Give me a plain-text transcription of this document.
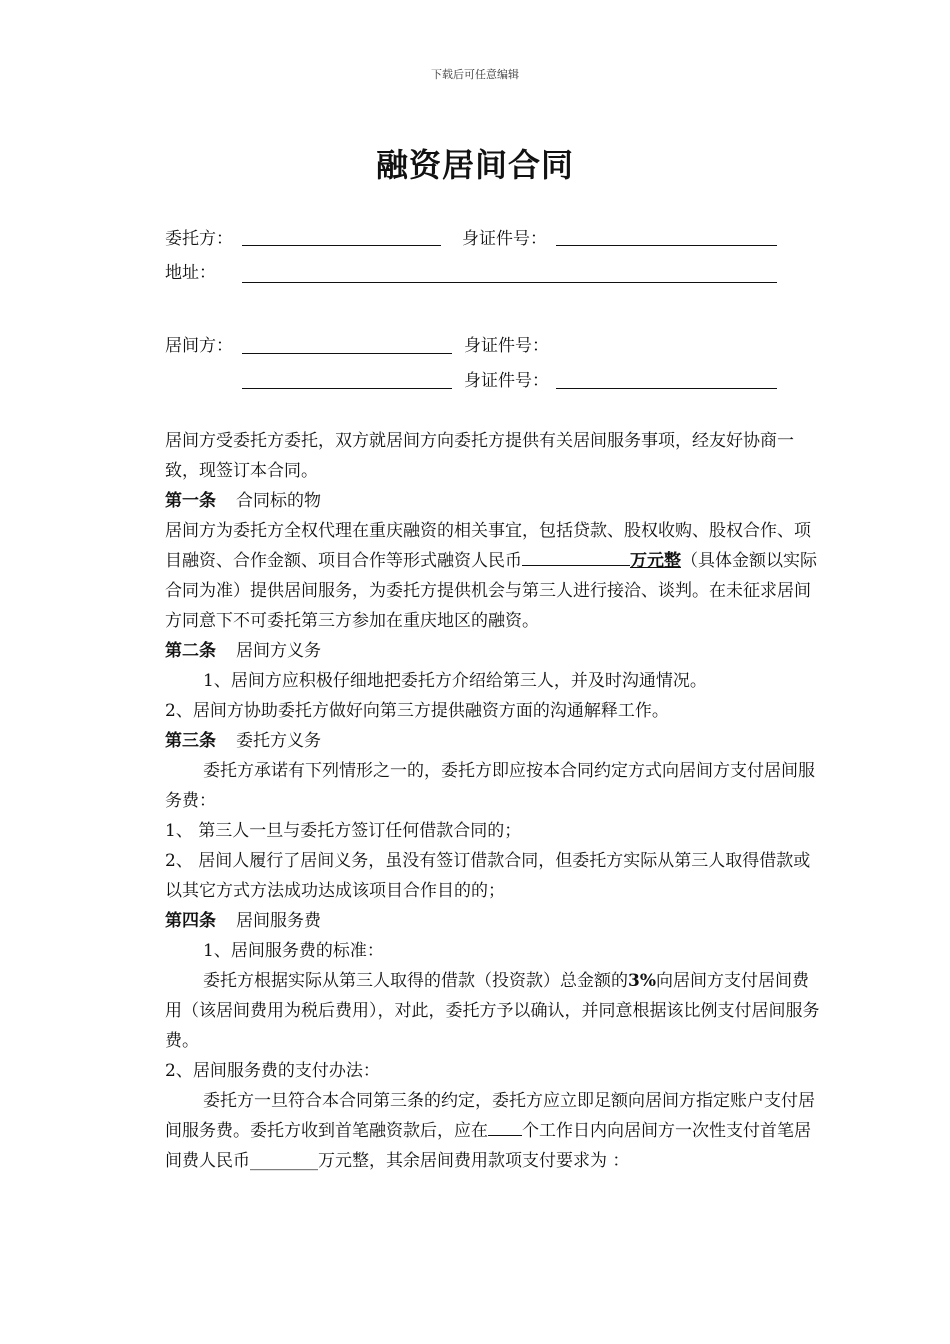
下载后可任意编辑
融资居间合同
委托方：	身证件号：
地址：
居间方：	身证件号：
身证件号：

居间方受委托方委托，双方就居间方向委托方提供有关居间服务事项，经友好协商一致，现签订本合同。

第一条 合同标的物

居间方为委托方全权代理在重庆融资的相关事宜，包括贷款、股权收购、股权合作、项目融资、合作金额、项目合作等形式融资人民币	万元整（具体金额以实际合同为准）提供居间服务，为委托方提供机会与第三人进行接洽、谈判。在未征求居间方同意下不可委托第三方参加在重庆地区的融资。

第二条 居间方义务

1、居间方应积极仔细地把委托方介绍给第三人，并及时沟通情况。

2、居间方协助委托方做好向第三方提供融资方面的沟通解释工作。

第三条 委托方义务

委托方承诺有下列情形之一的，委托方即应按本合同约定方式向居间方支付居间服务费：

1、 第三人一旦与委托方签订任何借款合同的；

2、 居间人履行了居间义务，虽没有签订借款合同，但委托方实际从第三人取得借款或以其它方式方法成功达成该项目合作目的的；

第四条 居间服务费

1、居间服务费的标准：

委托方根据实际从第三人取得的借款（投资款）总金额的3%向居间方支付居间费用（该居间费用为税后费用），对此，委托方予以确认，并同意根据该比例支付居间服务费。

2、居间服务费的支付办法：

委托方一旦符合本合同第三条的约定，委托方应立即足额向居间方指定账户支付居间服务费。委托方收到首笔融资款后，应在 个工作日内向居间方一次性支付首笔居间费人民币________万元整，其余居间费用款项支付要求为 ：
